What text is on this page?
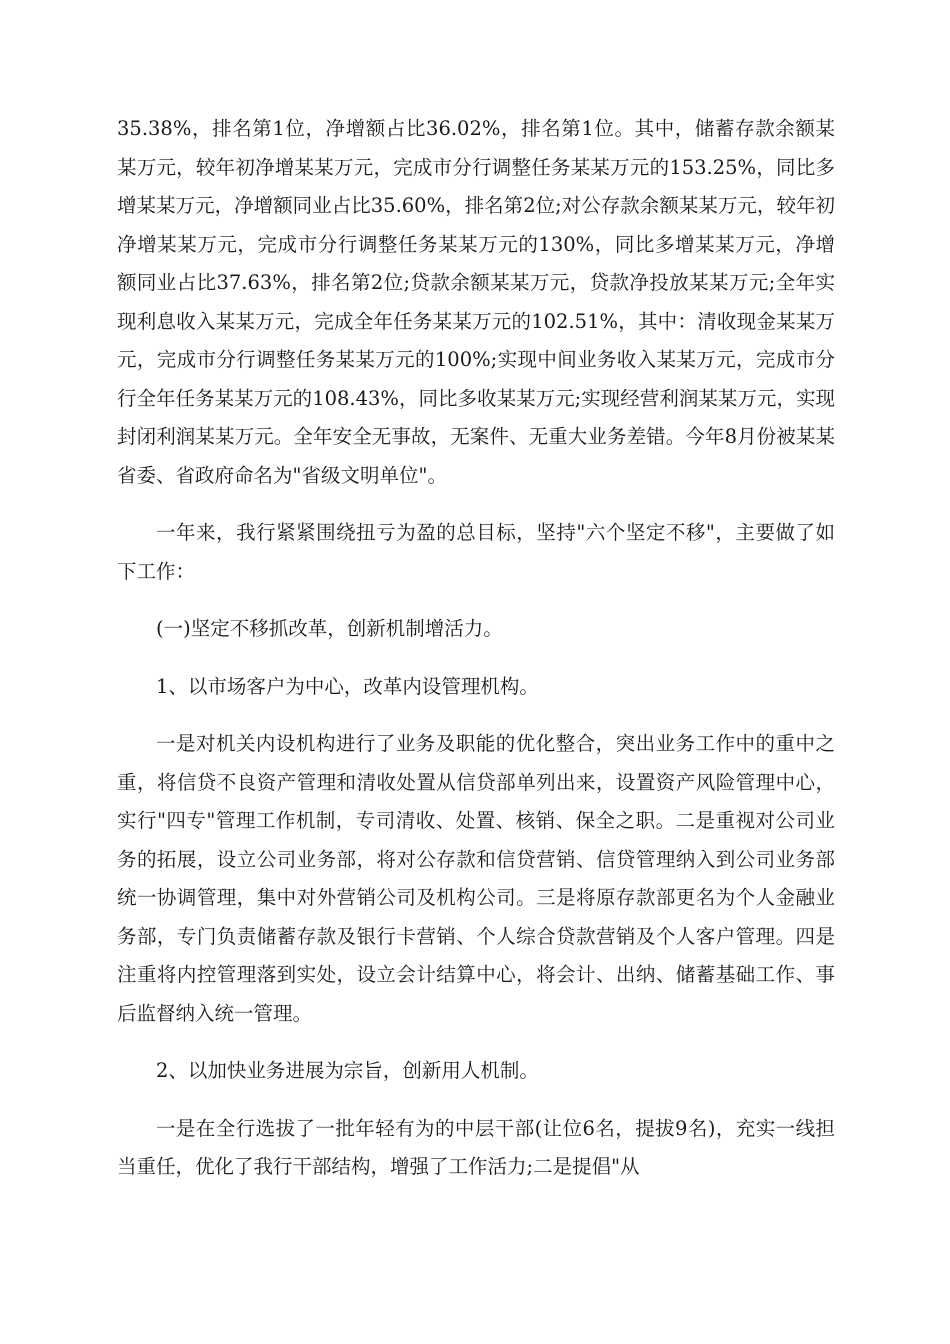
35.38%，排名第1位，净增额占比36.02%，排名第1位。其中，储蓄存款余额某某万元，较年初净增某某万元，完成市分行调整任务某某万元的153.25%，同比多增某某万元，净增额同业占比35.60%，排名第2位;对公存款余额某某万元，较年初净增某某万元，完成市分行调整任务某某万元的130%，同比多增某某万元，净增额同业占比37.63%，排名第2位;贷款余额某某万元，贷款净投放某某万元;全年实现利息收入某某万元，完成全年任务某某万元的102.51%，其中：清收现金某某万元，完成市分行调整任务某某万元的100%;实现中间业务收入某某万元，完成市分行全年任务某某万元的108.43%，同比多收某某万元;实现经营利润某某万元，实现封闭利润某某万元。全年安全无事故，无案件、无重大业务差错。今年8月份被某某省委、省政府命名为"省级文明单位"。

一年来，我行紧紧围绕扭亏为盈的总目标，坚持"六个坚定不移"，主要做了如下工作：

(一)坚定不移抓改革，创新机制增活力。

1、以市场客户为中心，改革内设管理机构。

一是对机关内设机构进行了业务及职能的优化整合，突出业务工作中的重中之重，将信贷不良资产管理和清收处置从信贷部单列出来，设置资产风险管理中心，实行"四专"管理工作机制，专司清收、处置、核销、保全之职。二是重视对公司业务的拓展，设立公司业务部，将对公存款和信贷营销、信贷管理纳入到公司业务部统一协调管理，集中对外营销公司及机构公司。三是将原存款部更名为个人金融业务部，专门负责储蓄存款及银行卡营销、个人综合贷款营销及个人客户管理。四是注重将内控管理落到实处，设立会计结算中心，将会计、出纳、储蓄基础工作、事后监督纳入统一管理。

2、以加快业务进展为宗旨，创新用人机制。

一是在全行选拔了一批年轻有为的中层干部(让位6名，提拔9名)，充实一线担当重任，优化了我行干部结构，增强了工作活力;二是提倡"从
